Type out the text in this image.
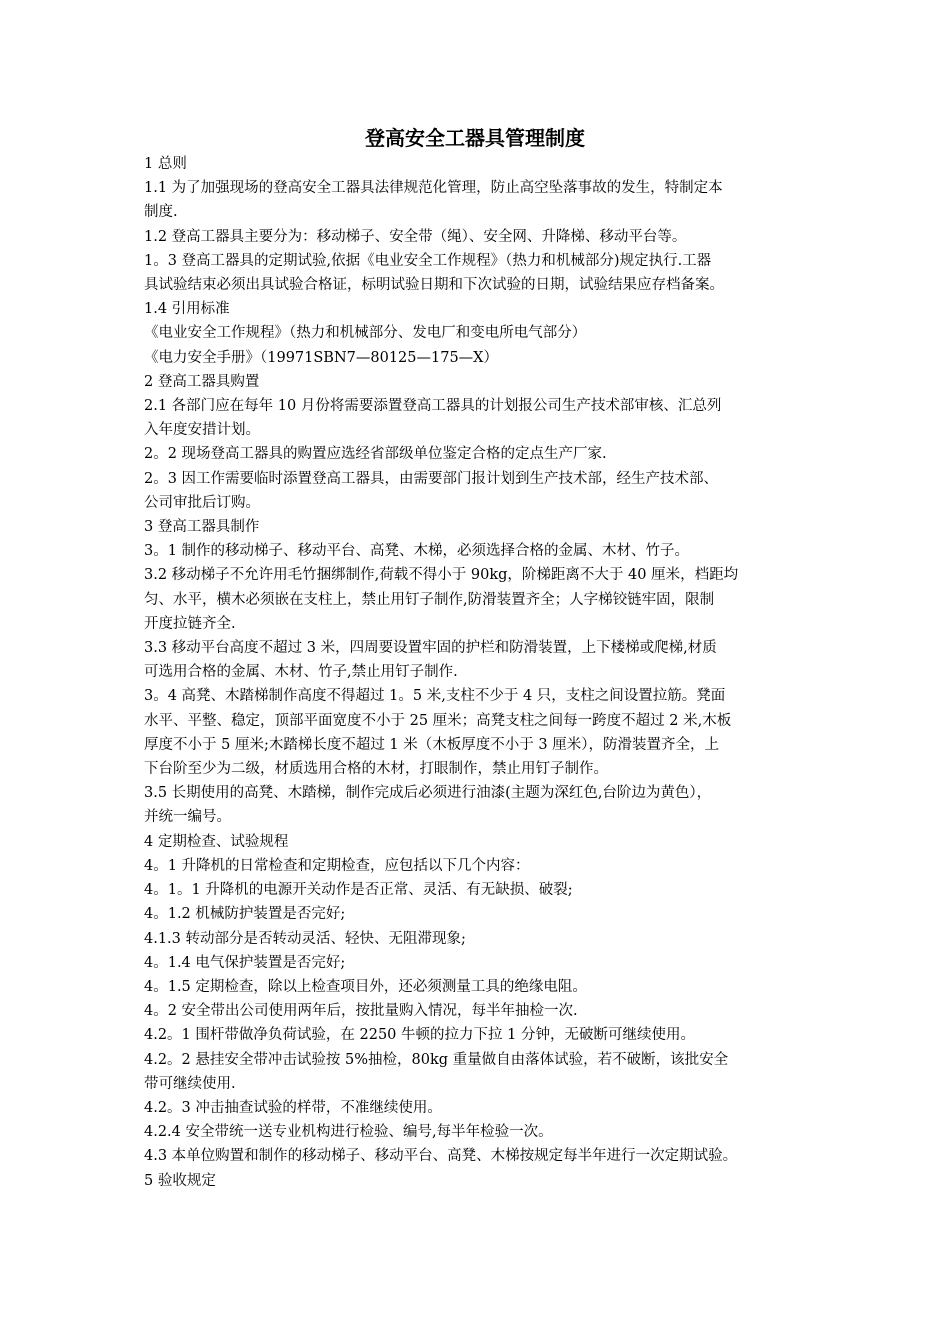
登高安全工器具管理制度

1 总则

1.1 为了加强现场的登高安全工器具法律规范化管理，防止高空坠落事故的发生，特制定本
制度.

1.2 登高工器具主要分为：移动梯子、安全带（绳）、安全网、升降梯、移动平台等。

1。3 登高工器具的定期试验,依据《电业安全工作规程》（热力和机械部分)规定执行.工器
具试验结束必须出具试验合格证，标明试验日期和下次试验的日期，试验结果应存档备案。

1.4 引用标准

《电业安全工作规程》（热力和机械部分、发电厂和变电所电气部分）

《电力安全手册》（19971SBN7—80125—175—X）

2 登高工器具购置

2.1 各部门应在每年 10 月份将需要添置登高工器具的计划报公司生产技术部审核、汇总列
入年度安措计划。

2。2 现场登高工器具的购置应选经省部级单位鉴定合格的定点生产厂家.

2。3 因工作需要临时添置登高工器具，由需要部门报计划到生产技术部，经生产技术部、
公司审批后订购。

3 登高工器具制作

3。1 制作的移动梯子、移动平台、高凳、木梯，必须选择合格的金属、木材、竹子。

3.2 移动梯子不允许用毛竹捆绑制作,荷载不得小于 90kg，阶梯距离不大于 40 厘米，档距均
匀、水平，横木必须嵌在支柱上，禁止用钉子制作,防滑装置齐全；人字梯铰链牢固，限制
开度拉链齐全.

3.3 移动平台高度不超过 3 米，四周要设置牢固的护栏和防滑装置，上下楼梯或爬梯,材质
可选用合格的金属、木材、竹子,禁止用钉子制作.

3。4 高凳、木踏梯制作高度不得超过 1。5 米,支柱不少于 4 只，支柱之间设置拉筋。凳面
水平、平整、稳定，顶部平面宽度不小于 25 厘米；高凳支柱之间每一跨度不超过 2 米,木板
厚度不小于 5 厘米;木踏梯长度不超过 1 米（木板厚度不小于 3 厘米），防滑装置齐全，上
下台阶至少为二级，材质选用合格的木材，打眼制作，禁止用钉子制作。

3.5 长期使用的高凳、木踏梯，制作完成后必须进行油漆(主题为深红色,台阶边为黄色），
并统一编号。

4 定期检查、试验规程

4。1 升降机的日常检查和定期检查，应包括以下几个内容：

4。1。1 升降机的电源开关动作是否正常、灵活、有无缺损、破裂;

4。1.2 机械防护装置是否完好;

4.1.3 转动部分是否转动灵活、轻快、无阻滞现象;

4。1.4 电气保护装置是否完好;

4。1.5 定期检查，除以上检查项目外，还必须测量工具的绝缘电阻。

4。2 安全带出公司使用两年后，按批量购入情况，每半年抽检一次.

4.2。1 围杆带做净负荷试验，在 2250 牛顿的拉力下拉 1 分钟，无破断可继续使用。

4.2。2 悬挂安全带冲击试验按 5%抽检，80kg 重量做自由落体试验，若不破断，该批安全
带可继续使用.

4.2。3 冲击抽查试验的样带，不准继续使用。

4.2.4 安全带统一送专业机构进行检验、编号,每半年检验一次。

4.3 本单位购置和制作的移动梯子、移动平台、高凳、木梯按规定每半年进行一次定期试验。

5 验收规定
